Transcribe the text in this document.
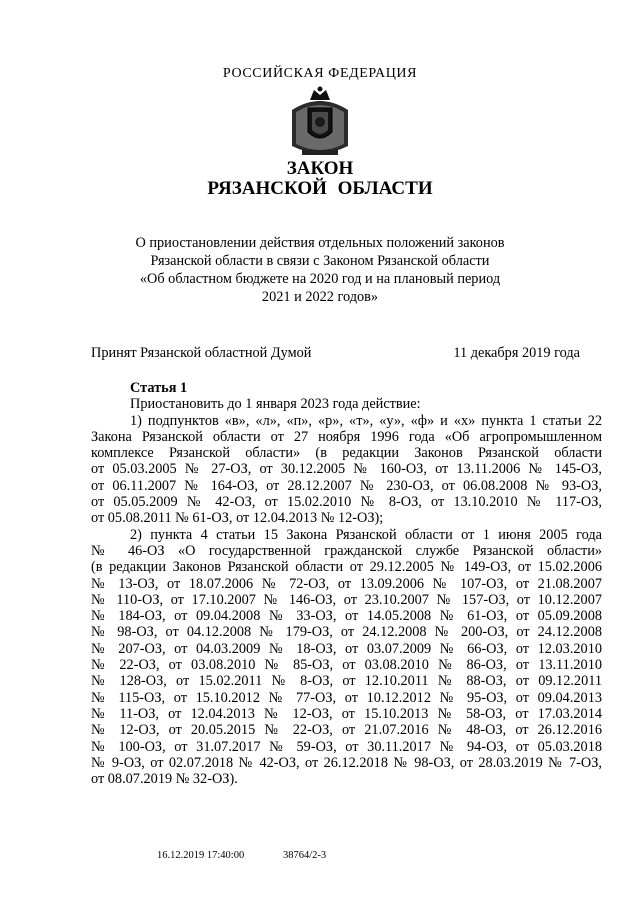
РОССИЙСКАЯ ФЕДЕРАЦИЯ
ЗАКОН
РЯЗАНСКОЙ ОБЛАСТИ
О приостановлении действия отдельных положений законов
Рязанской области в связи с Законом Рязанской области
«Об областном бюджете на 2020 год и на плановый период
2021 и 2022 годов»
Принят Рязанской областной Думой	11 декабря 2019 года
Статья 1
Приостановить до 1 января 2023 года действие:
1) подпунктов «в», «л», «п», «р», «т», «у», «ф» и «х» пункта 1 статьи 22
Закона Рязанской области от 27 ноября 1996 года «Об агропромышленном
комплексе Рязанской области» (в редакции Законов Рязанской области
от 05.03.2005 № 27-ОЗ, от 30.12.2005 № 160-ОЗ, от 13.11.2006 № 145-ОЗ,
от 06.11.2007 № 164-ОЗ, от 28.12.2007 № 230-ОЗ, от 06.08.2008 № 93-ОЗ,
от 05.05.2009 № 42-ОЗ, от 15.02.2010 № 8-ОЗ, от 13.10.2010 № 117-ОЗ,
от 05.08.2011 № 61-ОЗ, от 12.04.2013 № 12-ОЗ);
2) пункта 4 статьи 15 Закона Рязанской области от 1 июня 2005 года
№ 46-ОЗ «О государственной гражданской службе Рязанской области»
(в редакции Законов Рязанской области от 29.12.2005 № 149-ОЗ, от 15.02.2006
№ 13-ОЗ, от 18.07.2006 № 72-ОЗ, от 13.09.2006 № 107-ОЗ, от 21.08.2007
№ 110-ОЗ, от 17.10.2007 № 146-ОЗ, от 23.10.2007 № 157-ОЗ, от 10.12.2007
№ 184-ОЗ, от 09.04.2008 № 33-ОЗ, от 14.05.2008 № 61-ОЗ, от 05.09.2008
№ 98-ОЗ, от 04.12.2008 № 179-ОЗ, от 24.12.2008 № 200-ОЗ, от 24.12.2008
№ 207-ОЗ, от 04.03.2009 № 18-ОЗ, от 03.07.2009 № 66-ОЗ, от 12.03.2010
№ 22-ОЗ, от 03.08.2010 № 85-ОЗ, от 03.08.2010 № 86-ОЗ, от 13.11.2010
№ 128-ОЗ, от 15.02.2011 № 8-ОЗ, от 12.10.2011 № 88-ОЗ, от 09.12.2011
№ 115-ОЗ, от 15.10.2012 № 77-ОЗ, от 10.12.2012 № 95-ОЗ, от 09.04.2013
№ 11-ОЗ, от 12.04.2013 № 12-ОЗ, от 15.10.2013 № 58-ОЗ, от 17.03.2014
№ 12-ОЗ, от 20.05.2015 № 22-ОЗ, от 21.07.2016 № 48-ОЗ, от 26.12.2016
№ 100-ОЗ, от 31.07.2017 № 59-ОЗ, от 30.11.2017 № 94-ОЗ, от 05.03.2018
№ 9-ОЗ, от 02.07.2018 № 42-ОЗ, от 26.12.2018 № 98-ОЗ, от 28.03.2019 № 7-ОЗ,
от 08.07.2019 № 32-ОЗ).
16.12.2019 17:40:00	38764/2-3
